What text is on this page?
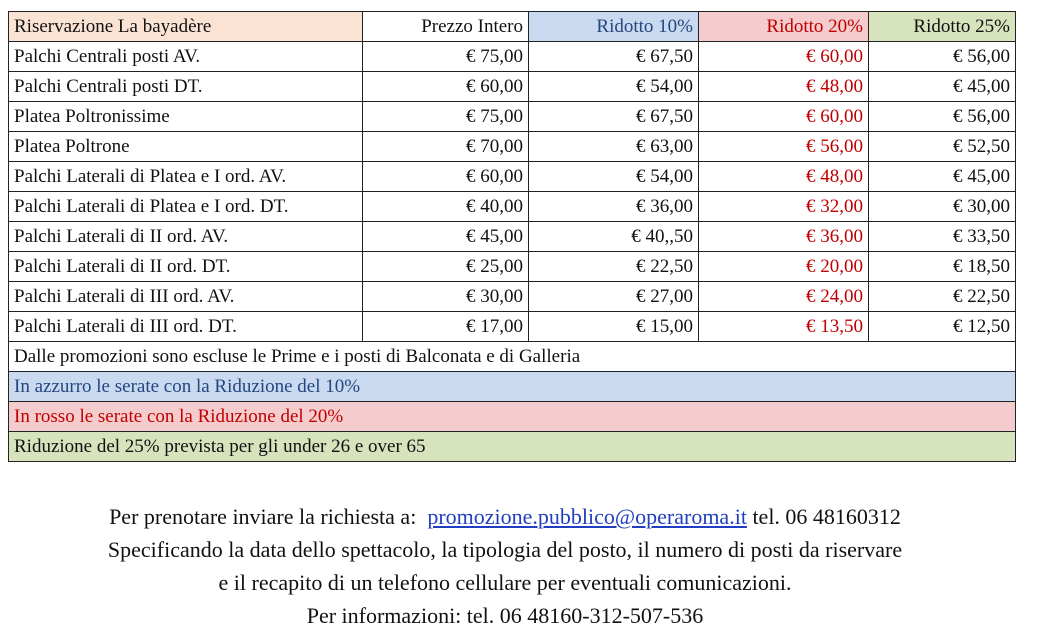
Riservazione La bayadère	Prezzo Intero	Ridotto 10%	Ridotto 20%	Ridotto 25%
Palchi Centrali posti AV.	€ 75,00	€ 67,50	€ 60,00	€ 56,00
Palchi Centrali posti DT.	€ 60,00	€ 54,00	€ 48,00	€ 45,00
Platea Poltronissime	€ 75,00	€ 67,50	€ 60,00	€ 56,00
Platea Poltrone	€ 70,00	€ 63,00	€ 56,00	€ 52,50
Palchi Laterali di Platea e I ord. AV.	€ 60,00	€ 54,00	€ 48,00	€ 45,00
Palchi Laterali di Platea e I ord. DT.	€ 40,00	€ 36,00	€ 32,00	€ 30,00
Palchi Laterali di II ord. AV.	€ 45,00	€ 40,,50	€ 36,00	€ 33,50
Palchi Laterali di II ord. DT.	€ 25,00	€ 22,50	€ 20,00	€ 18,50
Palchi Laterali di III ord. AV.	€ 30,00	€ 27,00	€ 24,00	€ 22,50
Palchi Laterali di III ord. DT.	€ 17,00	€ 15,00	€ 13,50	€ 12,50
Dalle promozioni sono escluse le Prime e i posti di Balconata e di Galleria				
In azzurro le serate con la Riduzione del 10%				
In rosso le serate con la Riduzione del 20%				
Riduzione del 25% prevista per gli under 26 e over 65				
Per prenotare inviare la richiesta a: promozione.pubblico@operaroma.it tel. 06 48160312
Specificando la data dello spettacolo, la tipologia del posto, il numero di posti da riservare
e il recapito di un telefono cellulare per eventuali comunicazioni.
Per informazioni: tel. 06 48160-312-507-536
